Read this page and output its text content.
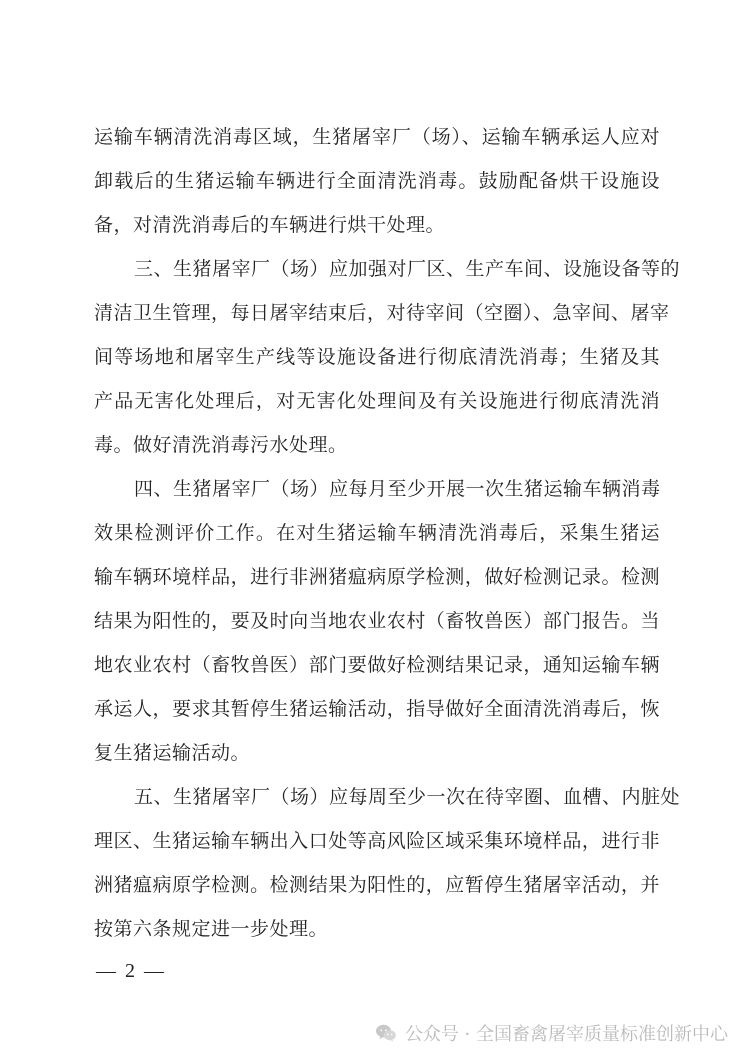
运输车辆清洗消毒区域，生猪屠宰厂（场）、运输车辆承运人应对
卸载后的生猪运输车辆进行全面清洗消毒。鼓励配备烘干设施设
备，对清洗消毒后的车辆进行烘干处理。
三、生猪屠宰厂（场）应加强对厂区、生产车间、设施设备等的
清洁卫生管理，每日屠宰结束后，对待宰间（空圈）、急宰间、屠宰
间等场地和屠宰生产线等设施设备进行彻底清洗消毒；生猪及其
产品无害化处理后，对无害化处理间及有关设施进行彻底清洗消
毒。做好清洗消毒污水处理。
四、生猪屠宰厂（场）应每月至少开展一次生猪运输车辆消毒
效果检测评价工作。在对生猪运输车辆清洗消毒后，采集生猪运
输车辆环境样品，进行非洲猪瘟病原学检测，做好检测记录。检测
结果为阳性的，要及时向当地农业农村（畜牧兽医）部门报告。当
地农业农村（畜牧兽医）部门要做好检测结果记录，通知运输车辆
承运人，要求其暂停生猪运输活动，指导做好全面清洗消毒后，恢
复生猪运输活动。
五、生猪屠宰厂（场）应每周至少一次在待宰圈、血槽、内脏处
理区、生猪运输车辆出入口处等高风险区域采集环境样品，进行非
洲猪瘟病原学检测。检测结果为阳性的，应暂停生猪屠宰活动，并
按第六条规定进一步处理。
— 2 —
公众号 · 全国畜禽屠宰质量标准创新中心
